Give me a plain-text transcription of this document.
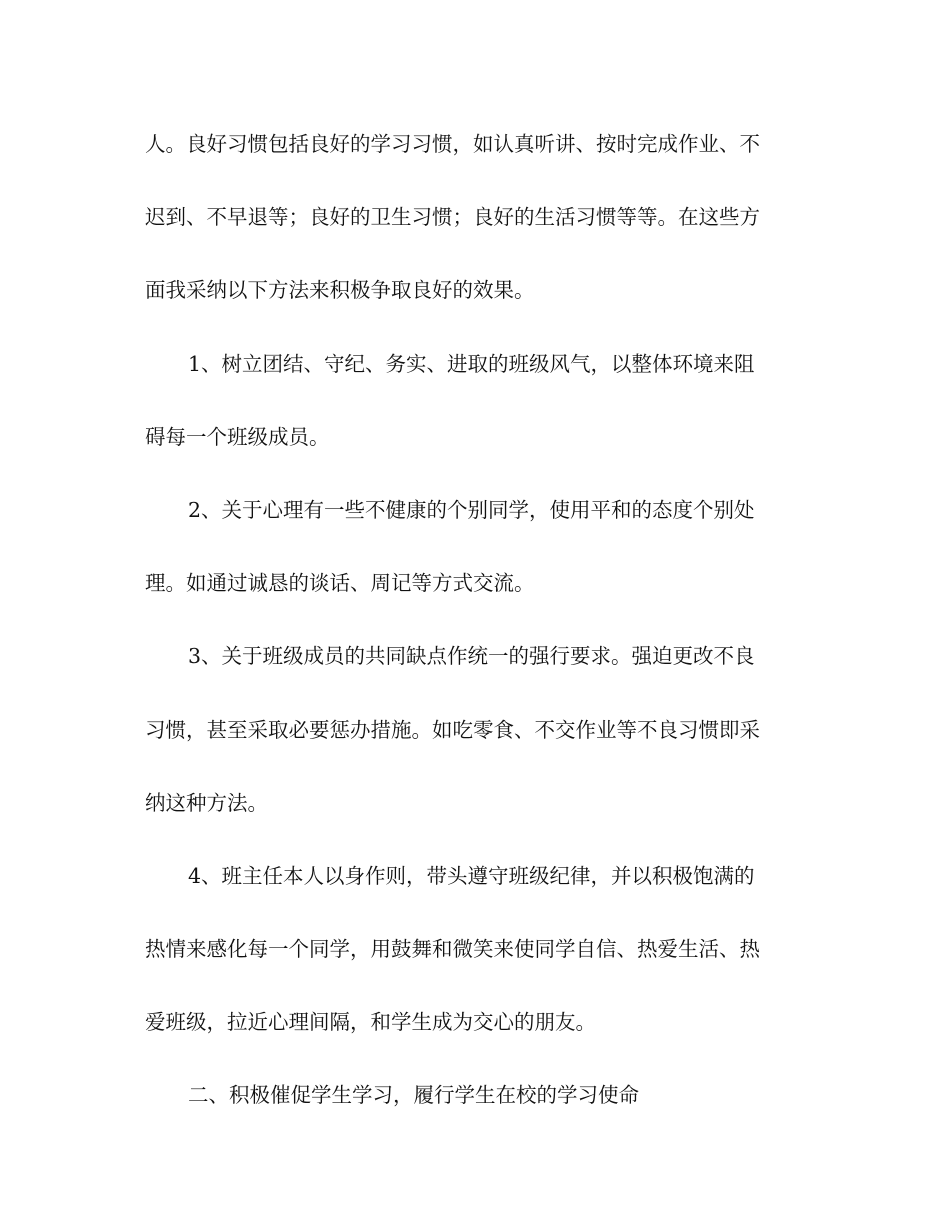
人。良好习惯包括良好的学习习惯，如认真听讲、按时完成作业、不
迟到、不早退等；良好的卫生习惯；良好的生活习惯等等。在这些方
面我采纳以下方法来积极争取良好的效果。
1、树立团结、守纪、务实、进取的班级风气，以整体环境来阻
碍每一个班级成员。
2、关于心理有一些不健康的个别同学，使用平和的态度个别处
理。如通过诚恳的谈话、周记等方式交流。
3、关于班级成员的共同缺点作统一的强行要求。强迫更改不良
习惯，甚至采取必要惩办措施。如吃零食、不交作业等不良习惯即采
纳这种方法。
4、班主任本人以身作则，带头遵守班级纪律，并以积极饱满的
热情来感化每一个同学，用鼓舞和微笑来使同学自信、热爱生活、热
爱班级，拉近心理间隔，和学生成为交心的朋友。
二、积极催促学生学习，履行学生在校的学习使命
